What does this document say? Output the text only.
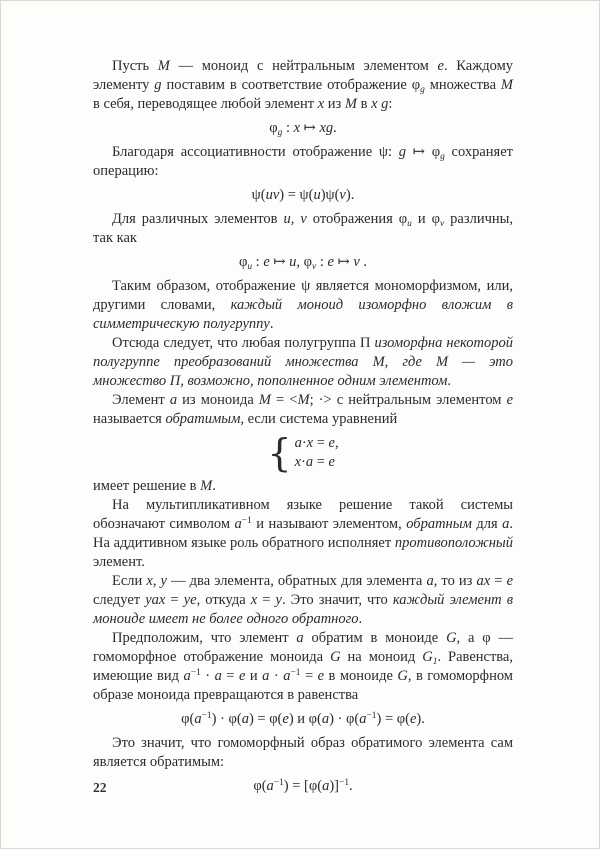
Пусть M — моноид с нейтральным элементом e. Каждому элементу g поставим в соответствие отображение $\varphi_g$ множества M в себя, переводящее любой элемент x из M в x g:

$\varphi_g$ : x ↦ xg.

Благодаря ассоциативности отображение ψ: g ↦ $\varphi_g$ сохраняет операцию:

ψ(uv) = ψ(u)ψ(v).

Для различных элементов u, v отображения $\varphi_u$ и $\varphi_v$ различны, так как

$\varphi_u$ : e ↦ u, $\varphi_v$ : e ↦ v .

Таким образом, отображение ψ является мономорфизмом, или, другими словами, каждый моноид изоморфно вложим в симметрическую полугруппу.

Отсюда следует, что любая полугруппа П изоморфна некоторой полугруппе преобразований множества M, где M — это множество П, возможно, пополненное одним элементом.

Элемент a из моноида M = <M; ·> с нейтральным элементом e называется обратимым, если система уравнений

{ a·x = e,
x·a = e

имеет решение в M.

На мультипликативном языке решение такой системы обозначают символом $a^{-1}$ и называют элементом, обратным для a. На аддитивном языке роль обратного исполняет противоположный элемент.

Если x, y — два элемента, обратных для элемента a, то из ax = e следует yax = ye, откуда x = y. Это значит, что каждый элемент в моноиде имеет не более одного обратного.

Предположим, что элемент a обратим в моноиде G, а φ — гомоморфное отображение моноида G на моноид $G_1$. Равенства, имеющие вид $a^{-1} \cdot a = e$ и $a \cdot a^{-1} = e$ в моноиде G, в гомоморфном образе моноида превращаются в равенства

$\varphi(a^{-1}) \cdot \varphi(a) = \varphi(e)$ и $\varphi(a) \cdot \varphi(a^{-1}) = \varphi(e)$.

Это значит, что гомоморфный образ обратимого элемента сам является обратимым:

$\varphi(a^{-1}) = [\varphi(a)]^{-1}$.
22
